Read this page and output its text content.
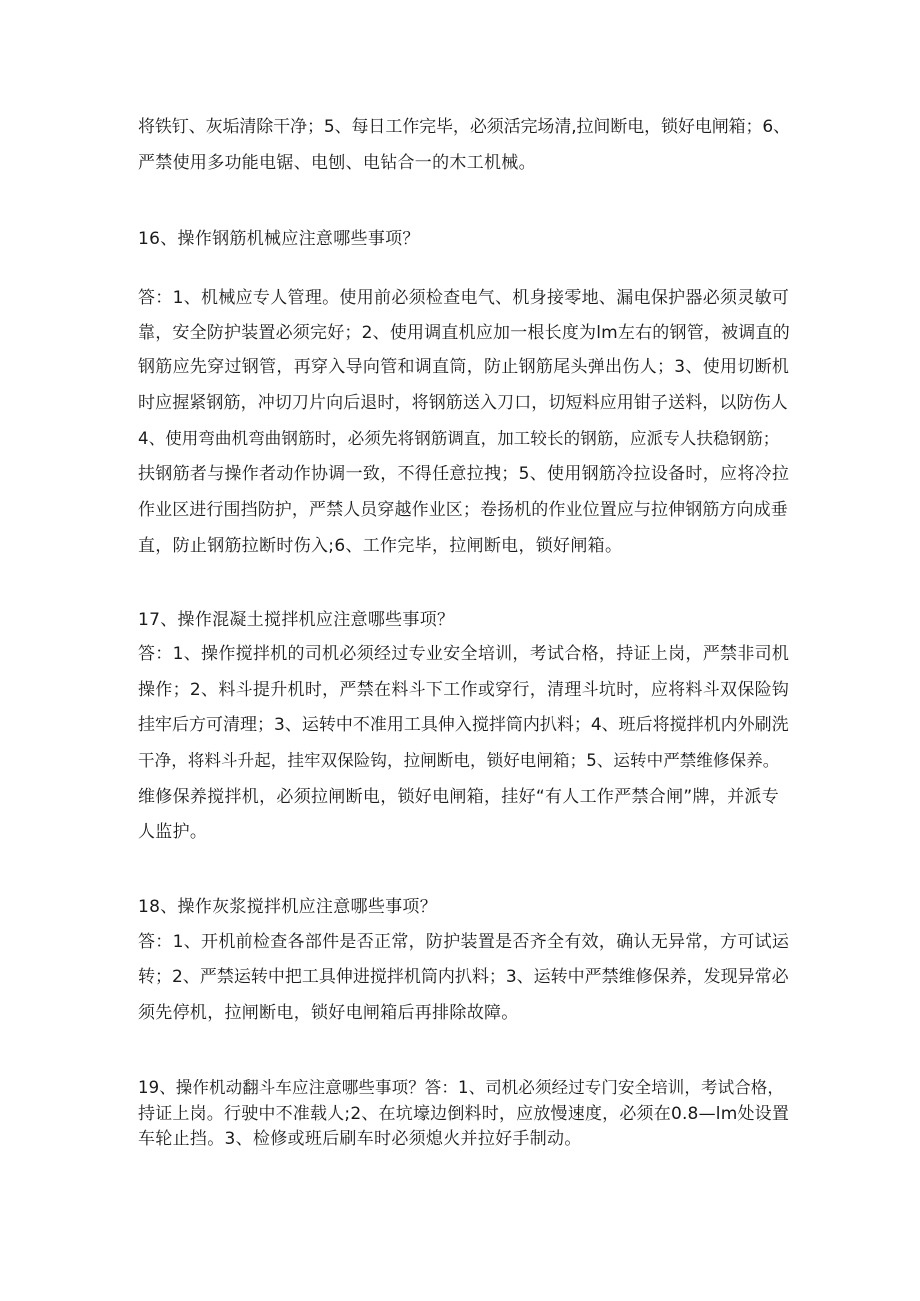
将铁钉、灰垢清除干净；5、每日工作完毕，必须活完场清,拉间断电，锁好电闸箱；6、
严禁使用多功能电锯、电刨、电钻合一的木工机械。
16、操作钢筋机械应注意哪些事项？
答：1、机械应专人管理。使用前必须检查电气、机身接零地、漏电保护器必须灵敏可
靠，安全防护装置必须完好；2、使用调直机应加一根长度为lm左右的钢管，被调直的
钢筋应先穿过钢管，再穿入导向管和调直筒，防止钢筋尾头弹出伤人；3、使用切断机
时应握紧钢筋，冲切刀片向后退时，将钢筋送入刀口，切短料应用钳子送料，以防伤人
4、使用弯曲机弯曲钢筋时，必须先将钢筋调直，加工较长的钢筋，应派专人扶稳钢筋；
扶钢筋者与操作者动作协调一致，不得任意拉拽；5、使用钢筋冷拉设备时，应将冷拉
作业区进行围挡防护，严禁人员穿越作业区；卷扬机的作业位置应与拉伸钢筋方向成垂
直，防止钢筋拉断时伤入;6、工作完毕，拉闸断电，锁好闸箱。
17、操作混凝土搅拌机应注意哪些事项？
答：1、操作搅拌机的司机必须经过专业安全培训，考试合格，持证上岗，严禁非司机
操作；2、料斗提升机时，严禁在料斗下工作或穿行，清理斗坑时，应将料斗双保险钩
挂牢后方可清理；3、运转中不准用工具伸入搅拌筒内扒料；4、班后将搅拌机内外刷洗
干净，将料斗升起，挂牢双保险钩，拉闸断电，锁好电闸箱；5、运转中严禁维修保养。
维修保养搅拌机，必须拉闸断电，锁好电闸箱，挂好“有人工作严禁合闸”牌，并派专
人监护。
18、操作灰浆搅拌机应注意哪些事项？
答：1、开机前检查各部件是否正常，防护装置是否齐全有效，确认无异常，方可试运
转；2、严禁运转中把工具伸进搅拌机筒内扒料；3、运转中严禁维修保养，发现异常必
须先停机，拉闸断电，锁好电闸箱后再排除故障。
19、操作机动翻斗车应注意哪些事项？答：1、司机必须经过专门安全培训，考试合格，
持证上岗。行驶中不准载人;2、在坑壕边倒料时，应放慢速度，必须在0.8—lm处设置
车轮止挡。3、检修或班后刷车时必须熄火并拉好手制动。
